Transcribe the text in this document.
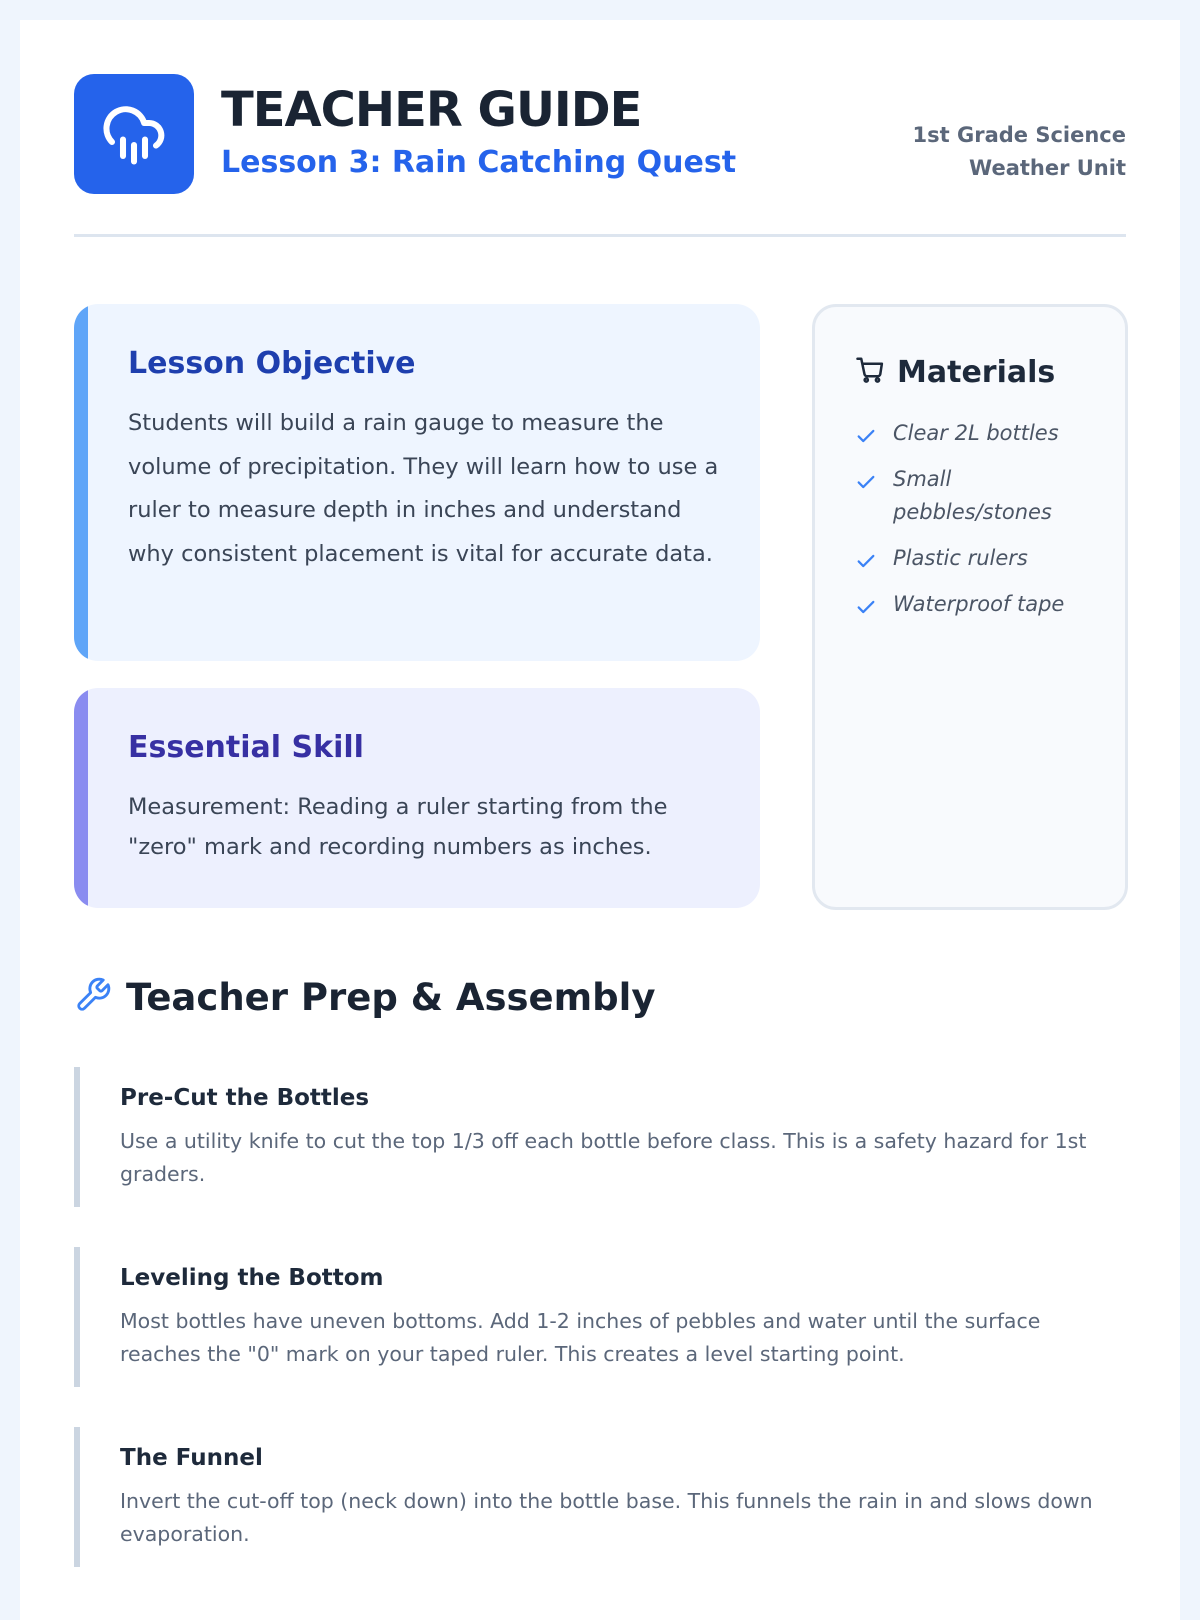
TEACHER GUIDE
Lesson 3: Rain Catching Quest
1st Grade Science
Weather Unit
Lesson Objective

Students will build a rain gauge to measure the volume of precipitation. They will learn how to use a ruler to measure depth in inches and understand why consistent placement is vital for accurate data.

Essential Skill

Measurement: Reading a ruler starting from the "zero" mark and recording numbers as inches.

Materials
Clear 2L bottles
Small pebbles/stones
Plastic rulers
Waterproof tape
Teacher Prep & Assembly
Pre-Cut the Bottles

Use a utility knife to cut the top 1/3 off each bottle before class. This is a safety hazard for 1st graders.

Leveling the Bottom

Most bottles have uneven bottoms. Add 1-2 inches of pebbles and water until the surface reaches the "0" mark on your taped ruler. This creates a level starting point.

The Funnel

Invert the cut-off top (neck down) into the bottle base. This funnels the rain in and slows down evaporation.
